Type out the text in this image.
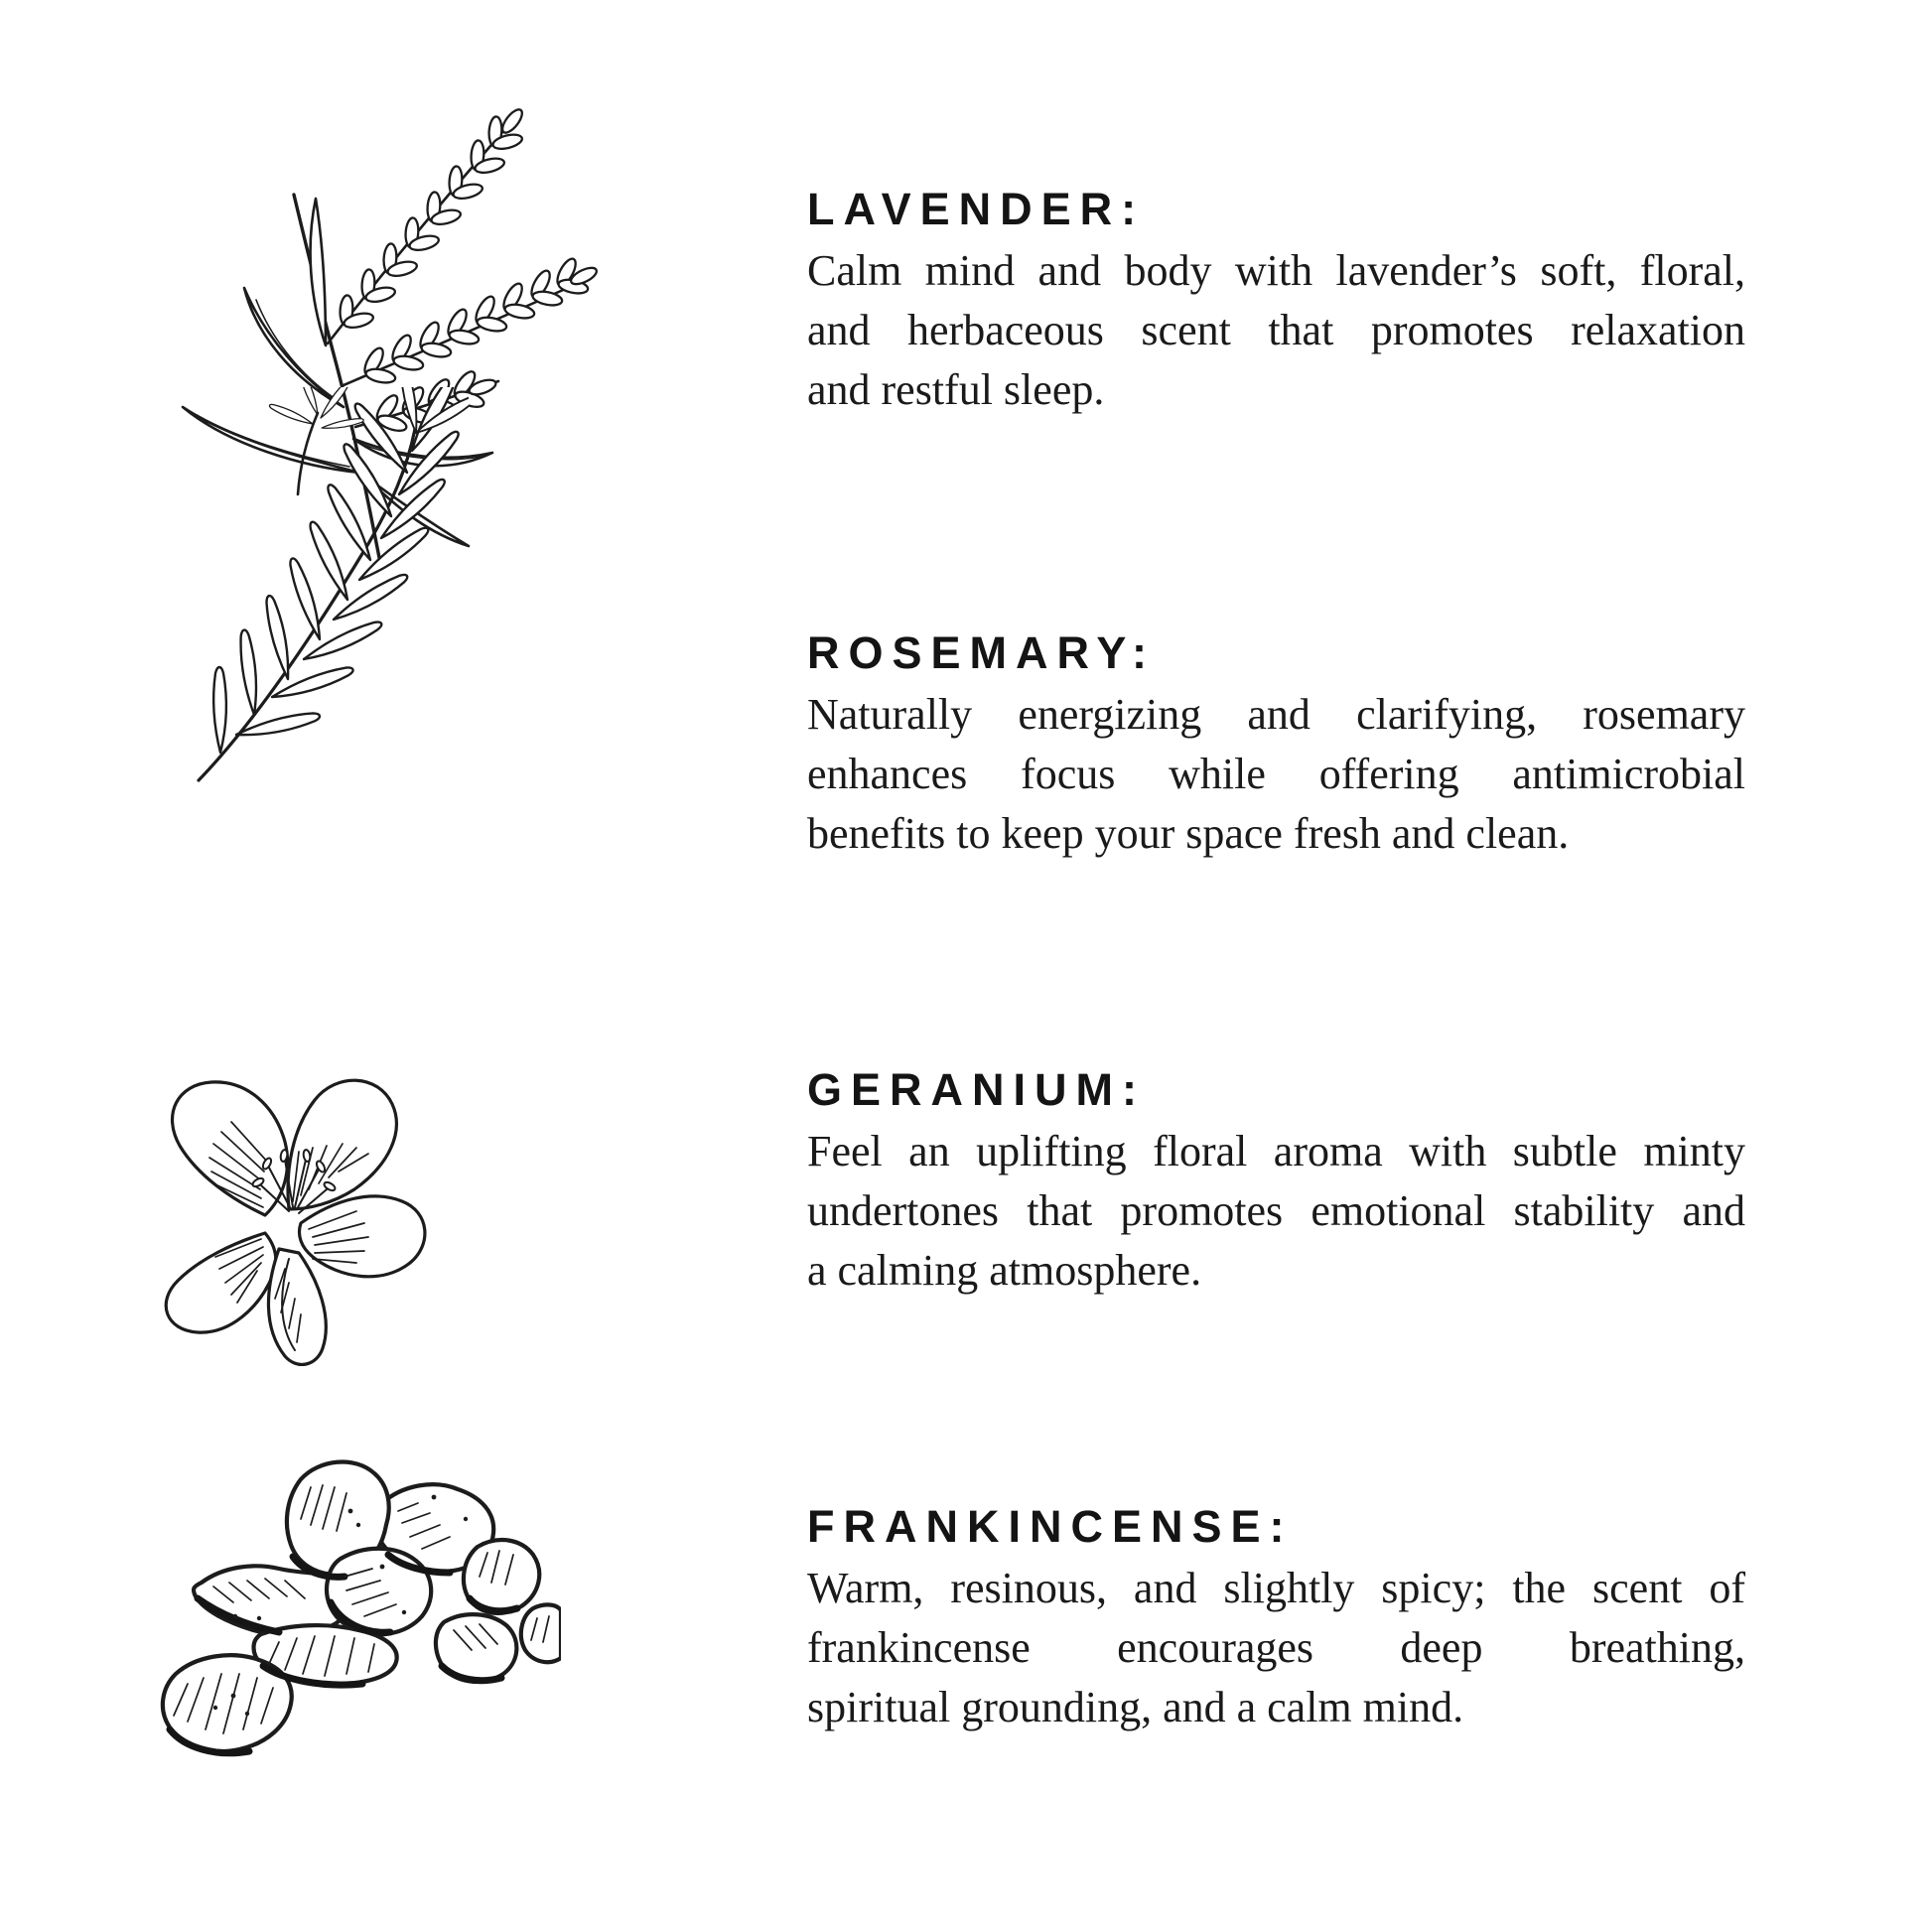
LAVENDER:
Calm mind and body with lavender’s soft, floral,
and herbaceous scent that promotes relaxation
and restful sleep.
ROSEMARY:
Naturally energizing and clarifying, rosemary
enhances focus while offering antimicrobial
benefits to keep your space fresh and clean.
GERANIUM:
Feel an uplifting floral aroma with subtle minty
undertones that promotes emotional stability and
a calming atmosphere.
FRANKINCENSE:
Warm, resinous, and slightly spicy; the scent of
frankincense encourages deep breathing,
spiritual grounding, and a calm mind.
